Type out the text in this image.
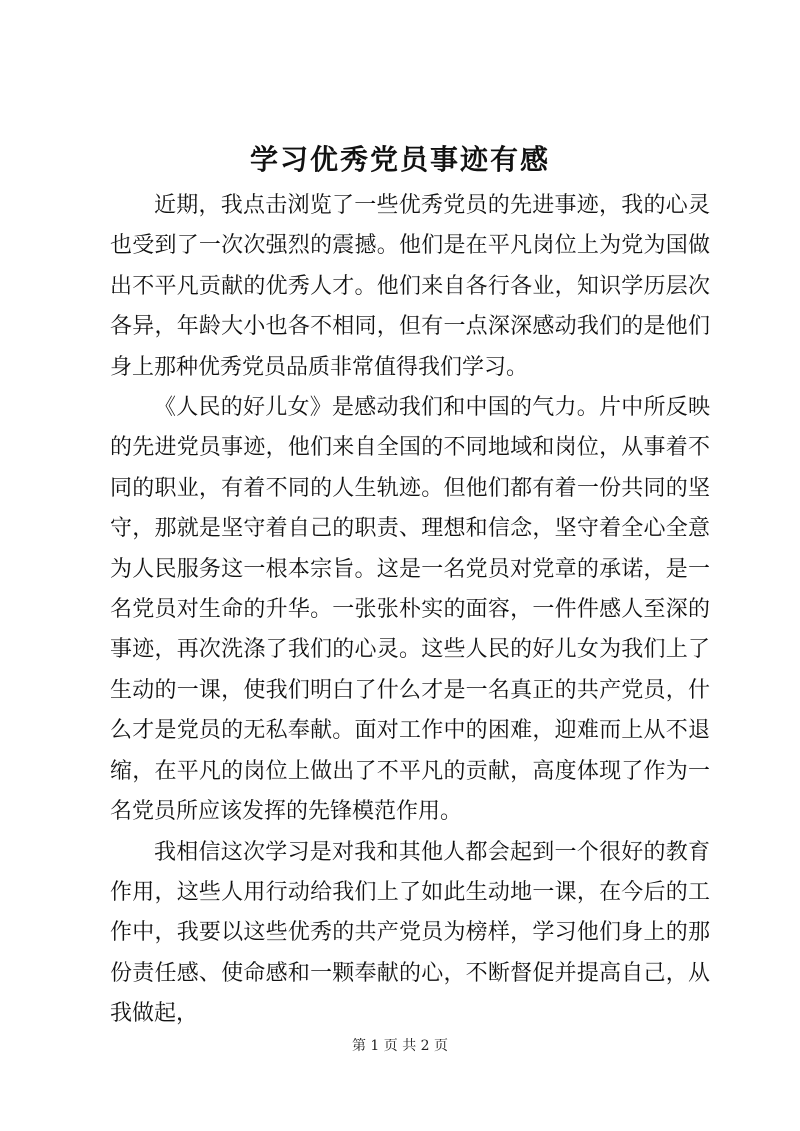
学习优秀党员事迹有感

近期，我点击浏览了一些优秀党员的先进事迹，我的心灵也受到了一次次强烈的震撼。他们是在平凡岗位上为党为国做出不平凡贡献的优秀人才。他们来自各行各业，知识学历层次各异，年龄大小也各不相同，但有一点深深感动我们的是他们身上那种优秀党员品质非常值得我们学习。

《人民的好儿女》是感动我们和中国的气力。片中所反映的先进党员事迹，他们来自全国的不同地域和岗位，从事着不同的职业，有着不同的人生轨迹。但他们都有着一份共同的坚守，那就是坚守着自己的职责、理想和信念，坚守着全心全意为人民服务这一根本宗旨。这是一名党员对党章的承诺，是一名党员对生命的升华。一张张朴实的面容，一件件感人至深的事迹，再次洗涤了我们的心灵。这些人民的好儿女为我们上了生动的一课，使我们明白了什么才是一名真正的共产党员，什么才是党员的无私奉献。面对工作中的困难，迎难而上从不退缩，在平凡的岗位上做出了不平凡的贡献，高度体现了作为一名党员所应该发挥的先锋模范作用。

我相信这次学习是对我和其他人都会起到一个很好的教育作用，这些人用行动给我们上了如此生动地一课，在今后的工作中，我要以这些优秀的共产党员为榜样，学习他们身上的那份责任感、使命感和一颗奉献的心，不断督促并提高自己，从我做起，

第 1 页 共 2 页
